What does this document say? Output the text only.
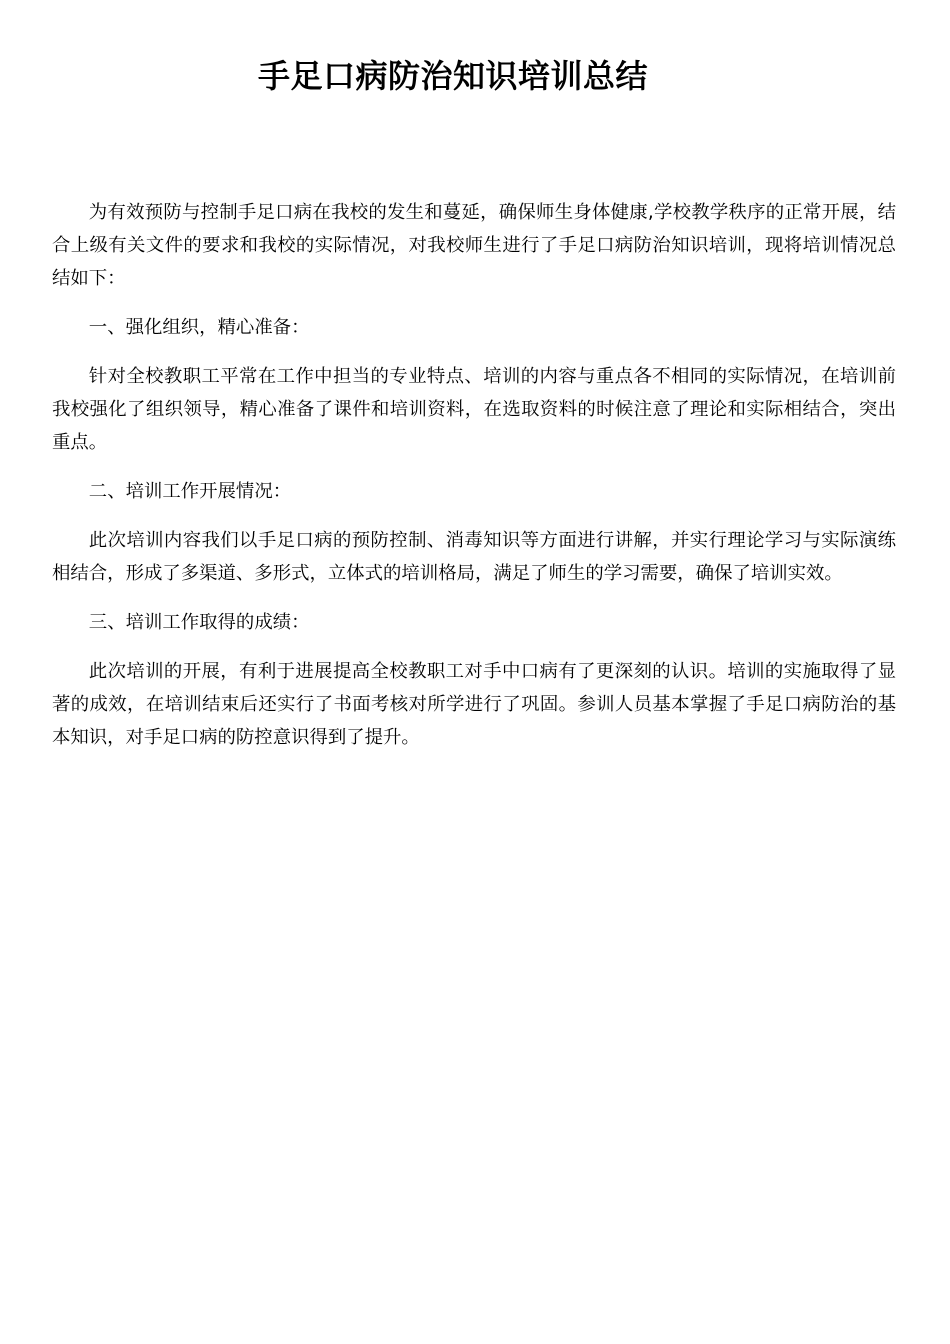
手足口病防治知识培训总结

为有效预防与控制手足口病在我校的发生和蔓延，确保师生身体健康,学校教学秩序的正常开展，结合上级有关文件的要求和我校的实际情况，对我校师生进行了手足口病防治知识培训，现将培训情况总结如下：

一、强化组织，精心准备：

针对全校教职工平常在工作中担当的专业特点、培训的内容与重点各不相同的实际情况，在培训前我校强化了组织领导，精心准备了课件和培训资料，在选取资料的时候注意了理论和实际相结合，突出重点。

二、培训工作开展情况：

此次培训内容我们以手足口病的预防控制、消毒知识等方面进行讲解，并实行理论学习与实际演练相结合，形成了多渠道、多形式，立体式的培训格局，满足了师生的学习需要，确保了培训实效。

三、培训工作取得的成绩：

此次培训的开展，有利于进展提高全校教职工对手中口病有了更深刻的认识。培训的实施取得了显著的成效，在培训结束后还实行了书面考核对所学进行了巩固。参训人员基本掌握了手足口病防治的基本知识，对手足口病的防控意识得到了提升。
